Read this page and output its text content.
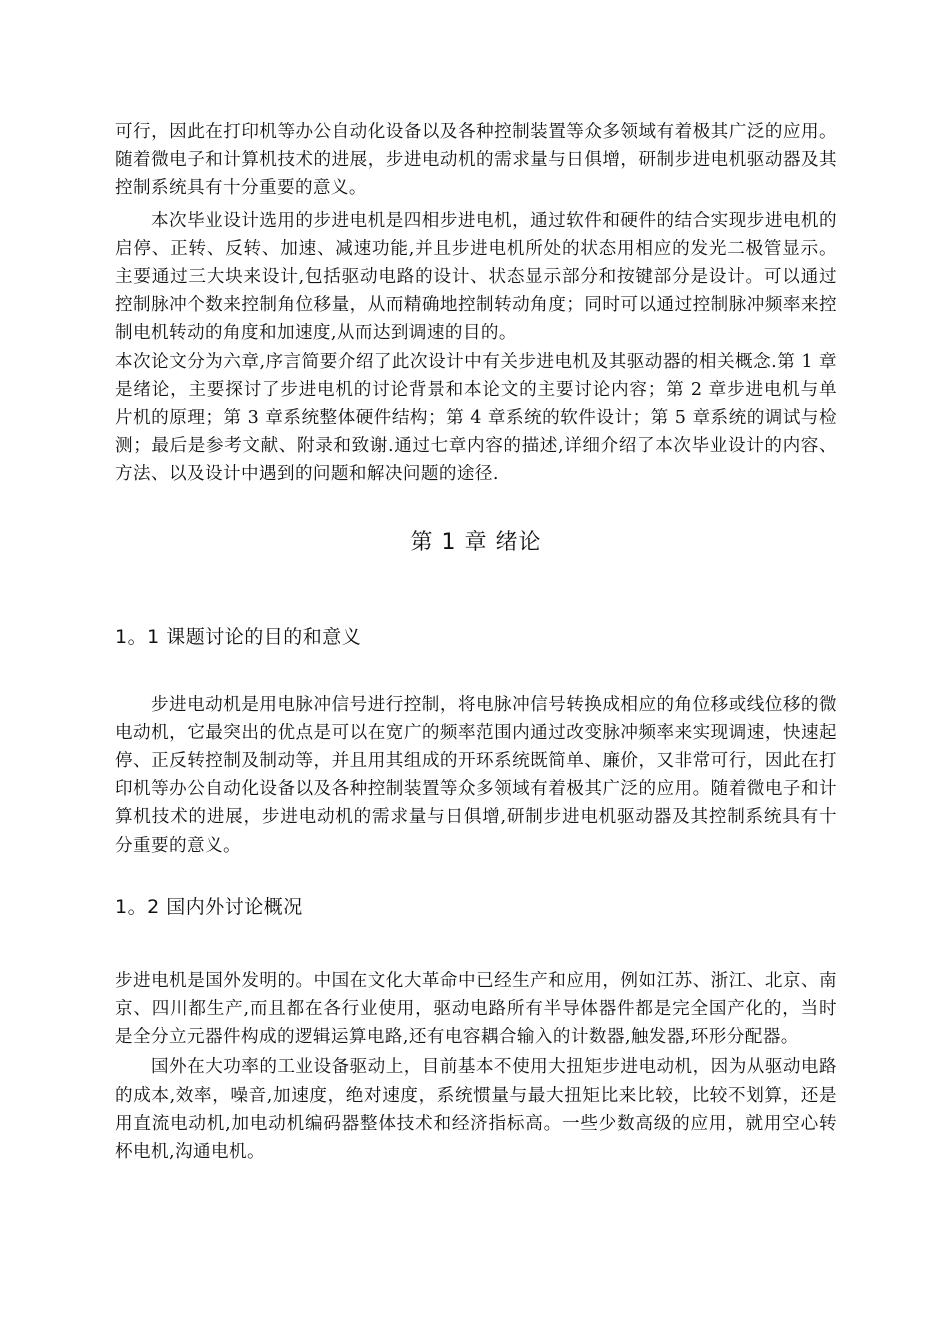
可行，因此在打印机等办公自动化设备以及各种控制装置等众多领域有着极其广泛的应用。随着微电子和计算机技术的进展，步进电动机的需求量与日俱增，研制步进电机驱动器及其控制系统具有十分重要的意义。

本次毕业设计选用的步进电机是四相步进电机，通过软件和硬件的结合实现步进电机的启停、正转、反转、加速、减速功能,并且步进电机所处的状态用相应的发光二极管显示。主要通过三大块来设计,包括驱动电路的设计、状态显示部分和按键部分是设计。可以通过控制脉冲个数来控制角位移量，从而精确地控制转动角度；同时可以通过控制脉冲频率来控制电机转动的角度和加速度,从而达到调速的目的。

本次论文分为六章,序言简要介绍了此次设计中有关步进电机及其驱动器的相关概念.第 1 章是绪论，主要探讨了步进电机的讨论背景和本论文的主要讨论内容；第 2 章步进电机与单片机的原理；第 3 章系统整体硬件结构；第 4 章系统的软件设计；第 5 章系统的调试与检测；最后是参考文献、附录和致谢.通过七章内容的描述,详细介绍了本次毕业设计的内容、方法、以及设计中遇到的问题和解决问题的途径.

第 1 章 绪论
1。1 课题讨论的目的和意义

步进电动机是用电脉冲信号进行控制，将电脉冲信号转换成相应的角位移或线位移的微电动机，它最突出的优点是可以在宽广的频率范围内通过改变脉冲频率来实现调速，快速起停、正反转控制及制动等，并且用其组成的开环系统既简单、廉价，又非常可行，因此在打印机等办公自动化设备以及各种控制装置等众多领域有着极其广泛的应用。随着微电子和计算机技术的进展，步进电动机的需求量与日俱增,研制步进电机驱动器及其控制系统具有十分重要的意义。

1。2 国内外讨论概况

步进电机是国外发明的。中国在文化大革命中已经生产和应用，例如江苏、浙江、北京、南京、四川都生产,而且都在各行业使用，驱动电路所有半导体器件都是完全国产化的，当时是全分立元器件构成的逻辑运算电路,还有电容耦合输入的计数器,触发器,环形分配器。

国外在大功率的工业设备驱动上，目前基本不使用大扭矩步进电动机，因为从驱动电路的成本,效率，噪音,加速度，绝对速度，系统惯量与最大扭矩比来比较，比较不划算，还是用直流电动机,加电动机编码器整体技术和经济指标高。一些少数高级的应用，就用空心转杯电机,沟通电机。
